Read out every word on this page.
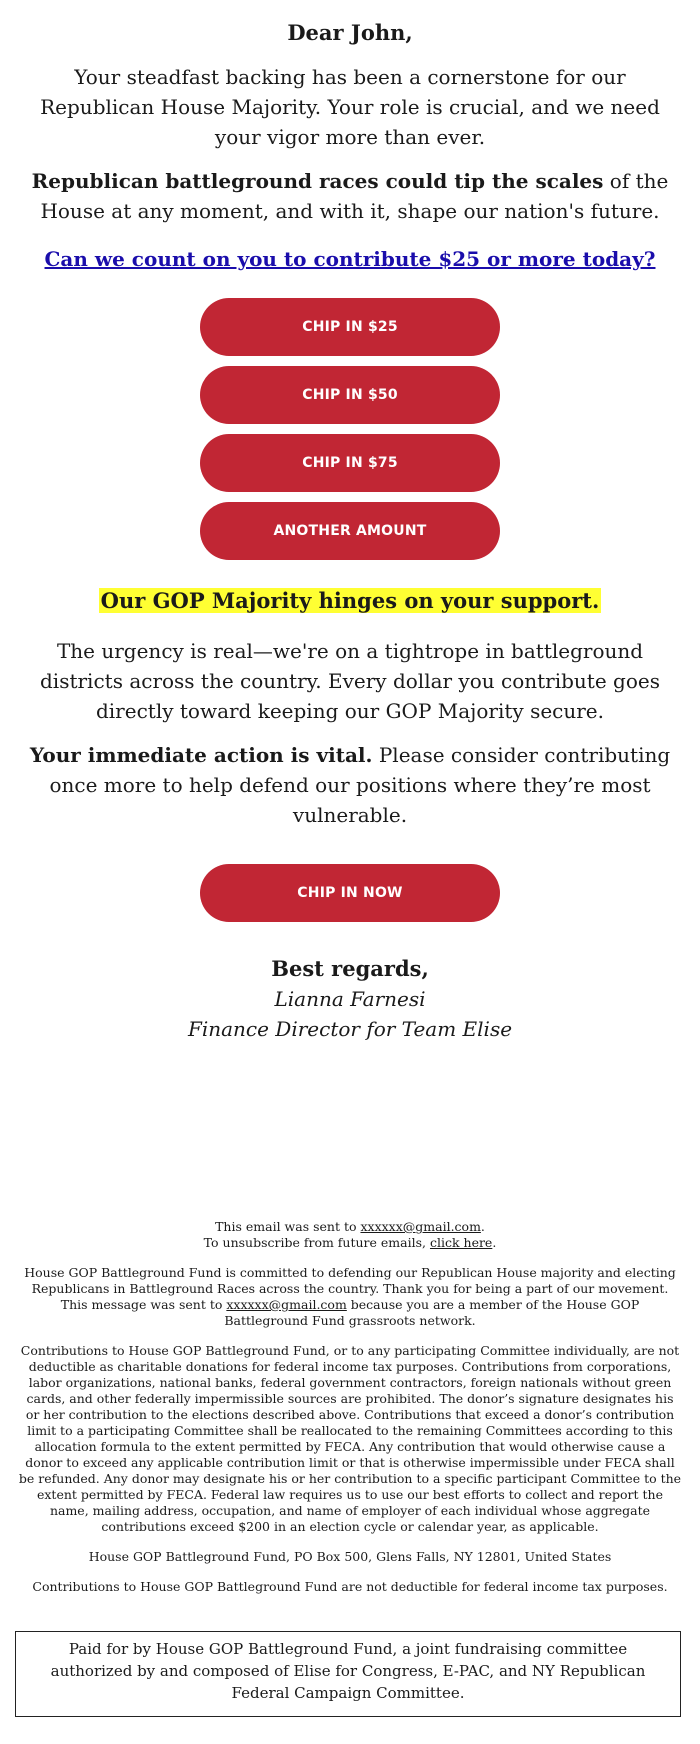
Dear John,

Your steadfast backing has been a cornerstone for our Republican House Majority. Your role is crucial, and we need your vigor more than ever.

Republican battleground races could tip the scales of the House at any moment, and with it, shape our nation's future.

Can we count on you to contribute $25 or more today?
CHIP IN $25
CHIP IN $50
CHIP IN $75
ANOTHER AMOUNT
Our GOP Majority hinges on your support.

The urgency is real—we're on a tightrope in battleground districts across the country. Every dollar you contribute goes directly toward keeping our GOP Majority secure.

Your immediate action is vital. Please consider contributing once more to help defend our positions where they’re most vulnerable.

CHIP IN NOW
Best regards,
Lianna Farnesi
Finance Director for Team Elise

This email was sent to xxxxxx@gmail.com.

To unsubscribe from future emails, click here.

House GOP Battleground Fund is committed to defending our Republican House majority and electing Republicans in Battleground Races across the country. Thank you for being a part of our movement. This message was sent to xxxxxx@gmail.com because you are a member of the House GOP Battleground Fund grassroots network.

Contributions to House GOP Battleground Fund, or to any participating Committee individually, are not deductible as charitable donations for federal income tax purposes. Contributions from corporations, labor organizations, national banks, federal government contractors, foreign nationals without green cards, and other federally impermissible sources are prohibited. The donor’s signature designates his or her contribution to the elections described above. Contributions that exceed a donor’s contribution limit to a participating Committee shall be reallocated to the remaining Committees according to this allocation formula to the extent permitted by FECA. Any contribution that would otherwise cause a donor to exceed any applicable contribution limit or that is otherwise impermissible under FECA shall be refunded. Any donor may designate his or her contribution to a specific participant Committee to the extent permitted by FECA. Federal law requires us to use our best efforts to collect and report the name, mailing address, occupation, and name of employer of each individual whose aggregate contributions exceed $200 in an election cycle or calendar year, as applicable.

House GOP Battleground Fund, PO Box 500, Glens Falls, NY 12801, United States

Contributions to House GOP Battleground Fund are not deductible for federal income tax purposes.

Paid for by House GOP Battleground Fund, a joint fundraising committee authorized by and composed of Elise for Congress, E-PAC, and NY Republican Federal Campaign Committee.
